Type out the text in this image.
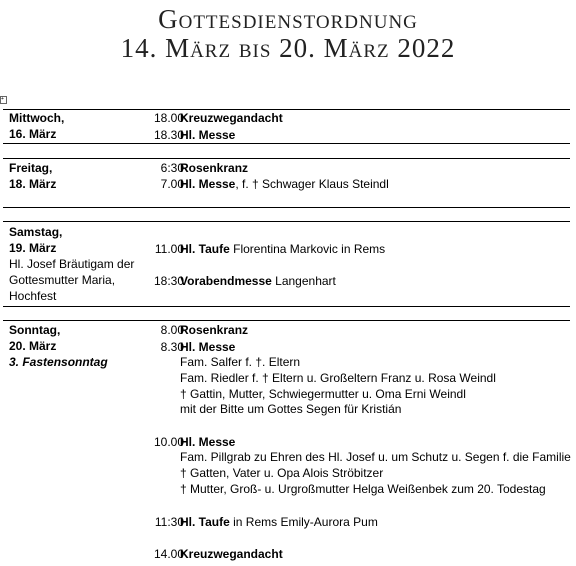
Gottesdienstordnung
14. März bis 20. März 2022
+
Mittwoch,
16. März
18.00
Kreuzwegandacht
18.30
Hl. Messe
Freitag,
18. März
6:30
Rosenkranz
7.00
Hl. Messe, f. † Schwager Klaus Steindl
Samstag,
19. März
Hl. Josef Bräutigam der
Gottesmutter Maria,
Hochfest
11.00
Hl. Taufe Florentina Markovic in Rems
18:30
Vorabendmesse Langenhart
Sonntag,
20. März
3. Fastensonntag
8.00
Rosenkranz
8.30
Hl. Messe
Fam. Salfer f. †. Eltern
Fam. Riedler f. † Eltern u. Großeltern Franz u. Rosa Weindl
† Gattin, Mutter, Schwiegermutter u. Oma Erni Weindl
mit der Bitte um Gottes Segen für Kristián
10.00
Hl. Messe
Fam. Pillgrab zu Ehren des Hl. Josef u. um Schutz u. Segen f. die Familie
† Gatten, Vater u. Opa Alois Ströbitzer
† Mutter, Groß- u. Urgroßmutter Helga Weißenbek zum 20. Todestag
11:30
Hl. Taufe in Rems Emily-Aurora Pum
14.00
Kreuzwegandacht
